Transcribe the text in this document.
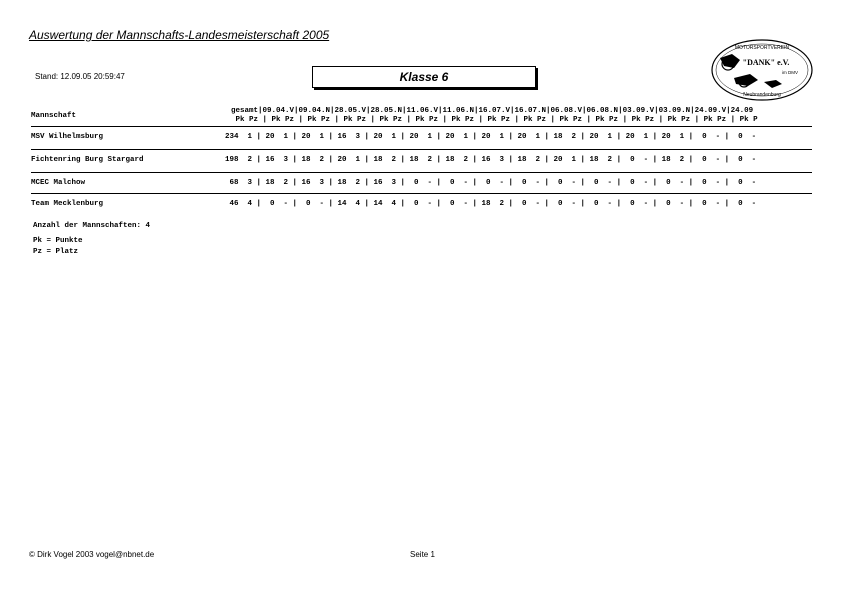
Auswertung der Mannschafts-Landesmeisterschaft 2005
Stand: 12.09.05 20:59:47	Klasse 6
MOTORSPORTVEREIN
"DANK" e.V.
im DMV
Neubrandenburg
gesamt|09.04.V|09.04.N|28.05.V|28.05.N|11.06.V|11.06.N|16.07.V|16.07.N|06.08.V|06.08.N|03.09.V|03.09.N|24.09.V|24.09
Pk Pz | Pk Pz | Pk Pz | Pk Pz | Pk Pz | Pk Pz | Pk Pz | Pk Pz | Pk Pz | Pk Pz | Pk Pz | Pk Pz | Pk Pz | Pk Pz | Pk P
Mannschaft
MSV Wilhelmsburg	234  1 | 20  1 | 20  1 | 16  3 | 20  1 | 20  1 | 20  1 | 20  1 | 20  1 | 18  2 | 20  1 | 20  1 | 20  1 |  0  - |  0  -
Fichtenring Burg Stargard	198  2 | 16  3 | 18  2 | 20  1 | 18  2 | 18  2 | 18  2 | 16  3 | 18  2 | 20  1 | 18  2 |  0  - | 18  2 |  0  - |  0  -
MCEC Malchow	68  3 | 18  2 | 16  3 | 18  2 | 16  3 |  0  - |  0  - |  0  - |  0  - |  0  - |  0  - |  0  - |  0  - |  0  - |  0  -
Team Mecklenburg	46  4 |  0  - |  0  - | 14  4 | 14  4 |  0  - |  0  - | 18  2 |  0  - |  0  - |  0  - |  0  - |  0  - |  0  - |  0  -
Anzahl der Mannschaften: 4
Pk = Punkte
Pz = Platz
© Dirk Vogel 2003 vogel@nbnet.de	Seite 1
